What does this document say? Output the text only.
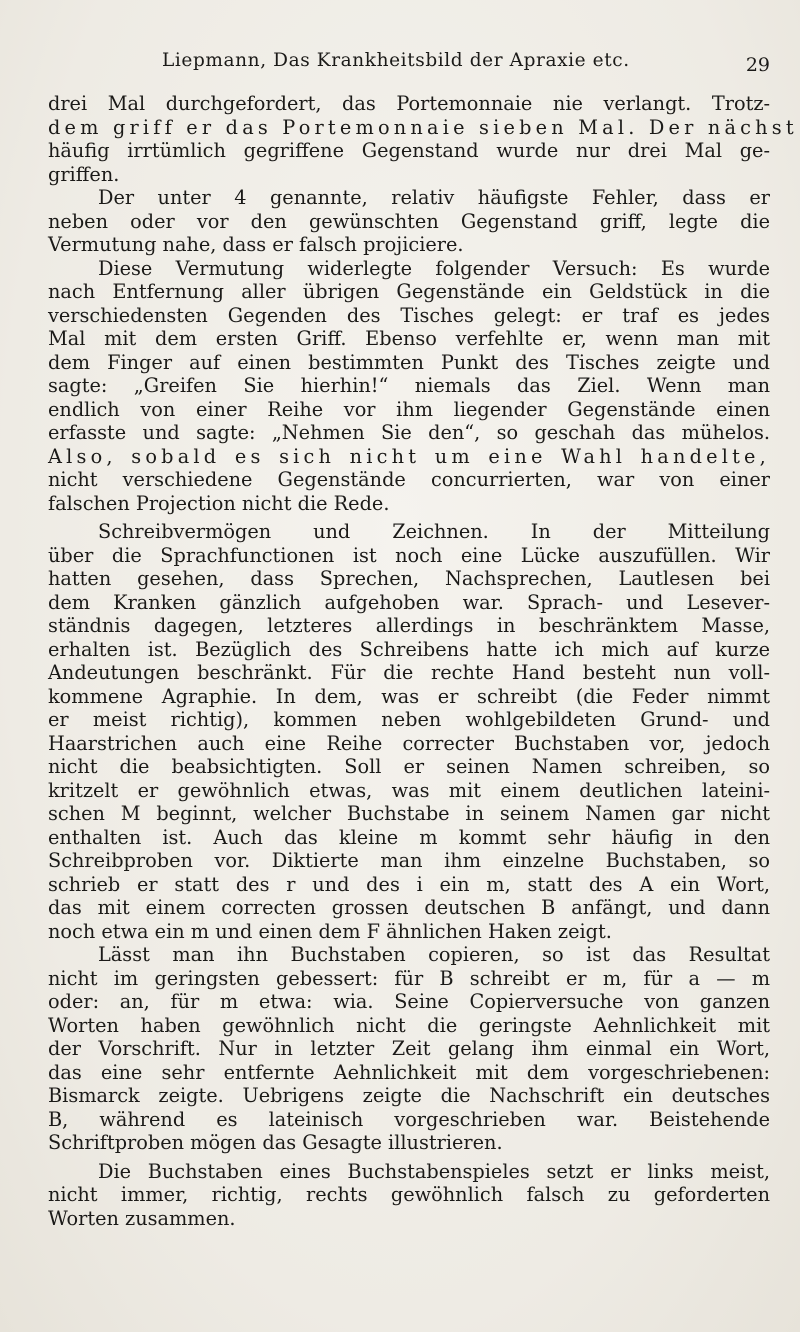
Liepmann, Das Krankheitsbild der Apraxie etc.	29

drei Mal durchgefordert, das Portemonnaie nie verlangt. Trotz-
dem griff er das Portemonnaie sieben Mal. Der nächst
häufig irrtümlich gegriffene Gegenstand wurde nur drei Mal ge-
griffen.

Der unter 4 genannte, relativ häufigste Fehler, dass er
neben oder vor den gewünschten Gegenstand griff, legte die
Vermutung nahe, dass er falsch projiciere.

Diese Vermutung widerlegte folgender Versuch: Es wurde
nach Entfernung aller übrigen Gegenstände ein Geldstück in die
verschiedensten Gegenden des Tisches gelegt: er traf es jedes
Mal mit dem ersten Griff. Ebenso verfehlte er, wenn man mit
dem Finger auf einen bestimmten Punkt des Tisches zeigte und
sagte: „Greifen Sie hierhin!“ niemals das Ziel. Wenn man
endlich von einer Reihe vor ihm liegender Gegenstände einen
erfasste und sagte: „Nehmen Sie den“, so geschah das mühelos.
Also, sobald es sich nicht um eine Wahl handelte,
nicht verschiedene Gegenstände concurrierten, war von einer
falschen Projection nicht die Rede.

Schreibvermögen und Zeichnen. In der Mitteilung
über die Sprachfunctionen ist noch eine Lücke auszufüllen. Wir
hatten gesehen, dass Sprechen, Nachsprechen, Lautlesen bei
dem Kranken gänzlich aufgehoben war. Sprach- und Lesever-
ständnis dagegen, letzteres allerdings in beschränktem Masse,
erhalten ist. Bezüglich des Schreibens hatte ich mich auf kurze
Andeutungen beschränkt. Für die rechte Hand besteht nun voll-
kommene Agraphie. In dem, was er schreibt (die Feder nimmt
er meist richtig), kommen neben wohlgebildeten Grund- und
Haarstrichen auch eine Reihe correcter Buchstaben vor, jedoch
nicht die beabsichtigten. Soll er seinen Namen schreiben, so
kritzelt er gewöhnlich etwas, was mit einem deutlichen lateini-
schen M beginnt, welcher Buchstabe in seinem Namen gar nicht
enthalten ist. Auch das kleine m kommt sehr häufig in den
Schreibproben vor. Diktierte man ihm einzelne Buchstaben, so
schrieb er statt des r und des i ein m, statt des A ein Wort,
das mit einem correcten grossen deutschen B anfängt, und dann
noch etwa ein m und einen dem F ähnlichen Haken zeigt.

Lässt man ihn Buchstaben copieren, so ist das Resultat
nicht im geringsten gebessert: für B schreibt er m, für a — m
oder: an, für m etwa: wia. Seine Copierversuche von ganzen
Worten haben gewöhnlich nicht die geringste Aehnlichkeit mit
der Vorschrift. Nur in letzter Zeit gelang ihm einmal ein Wort,
das eine sehr entfernte Aehnlichkeit mit dem vorgeschriebenen:
Bismarck zeigte. Uebrigens zeigte die Nachschrift ein deutsches
B, während es lateinisch vorgeschrieben war. Beistehende
Schriftproben mögen das Gesagte illustrieren.

Die Buchstaben eines Buchstabenspieles setzt er links meist,
nicht immer, richtig, rechts gewöhnlich falsch zu geforderten
Worten zusammen.
